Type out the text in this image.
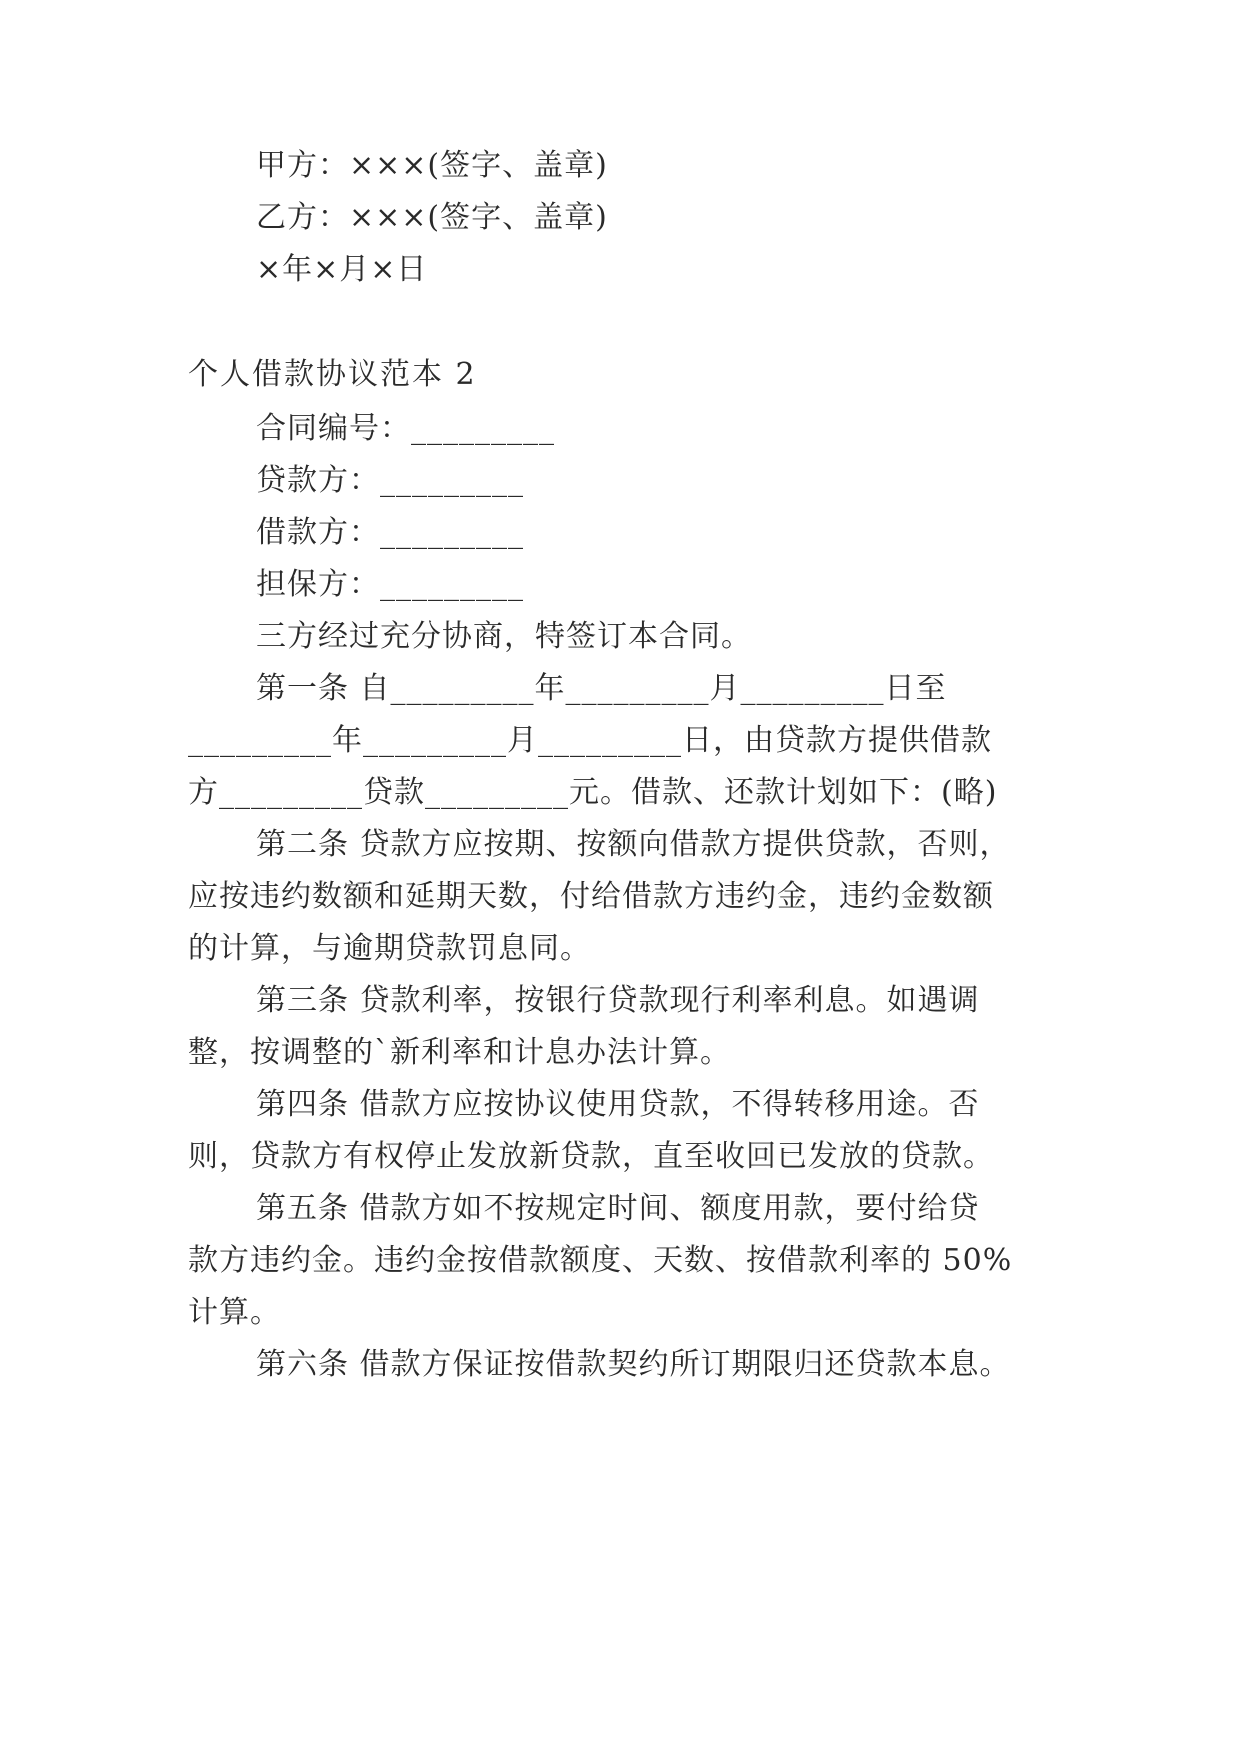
甲方：×××(签字、盖章)
乙方：×××(签字、盖章)
×年×月×日
个人借款协议范本 2
合同编号：_________
贷款方：_________
借款方：_________
担保方：_________
三方经过充分协商，特签订本合同。
第一条 自_________年_________月_________日至
_________年_________月_________日，由贷款方提供借款
方_________贷款_________元。借款、还款计划如下：(略)
第二条 贷款方应按期、按额向借款方提供贷款，否则，
应按违约数额和延期天数，付给借款方违约金，违约金数额
的计算，与逾期贷款罚息同。
第三条 贷款利率，按银行贷款现行利率利息。如遇调
整，按调整的`新利率和计息办法计算。
第四条 借款方应按协议使用贷款，不得转移用途。否
则，贷款方有权停止发放新贷款，直至收回已发放的贷款。
第五条 借款方如不按规定时间、额度用款，要付给贷
款方违约金。违约金按借款额度、天数、按借款利率的 50%
计算。
第六条 借款方保证按借款契约所订期限归还贷款本息。
